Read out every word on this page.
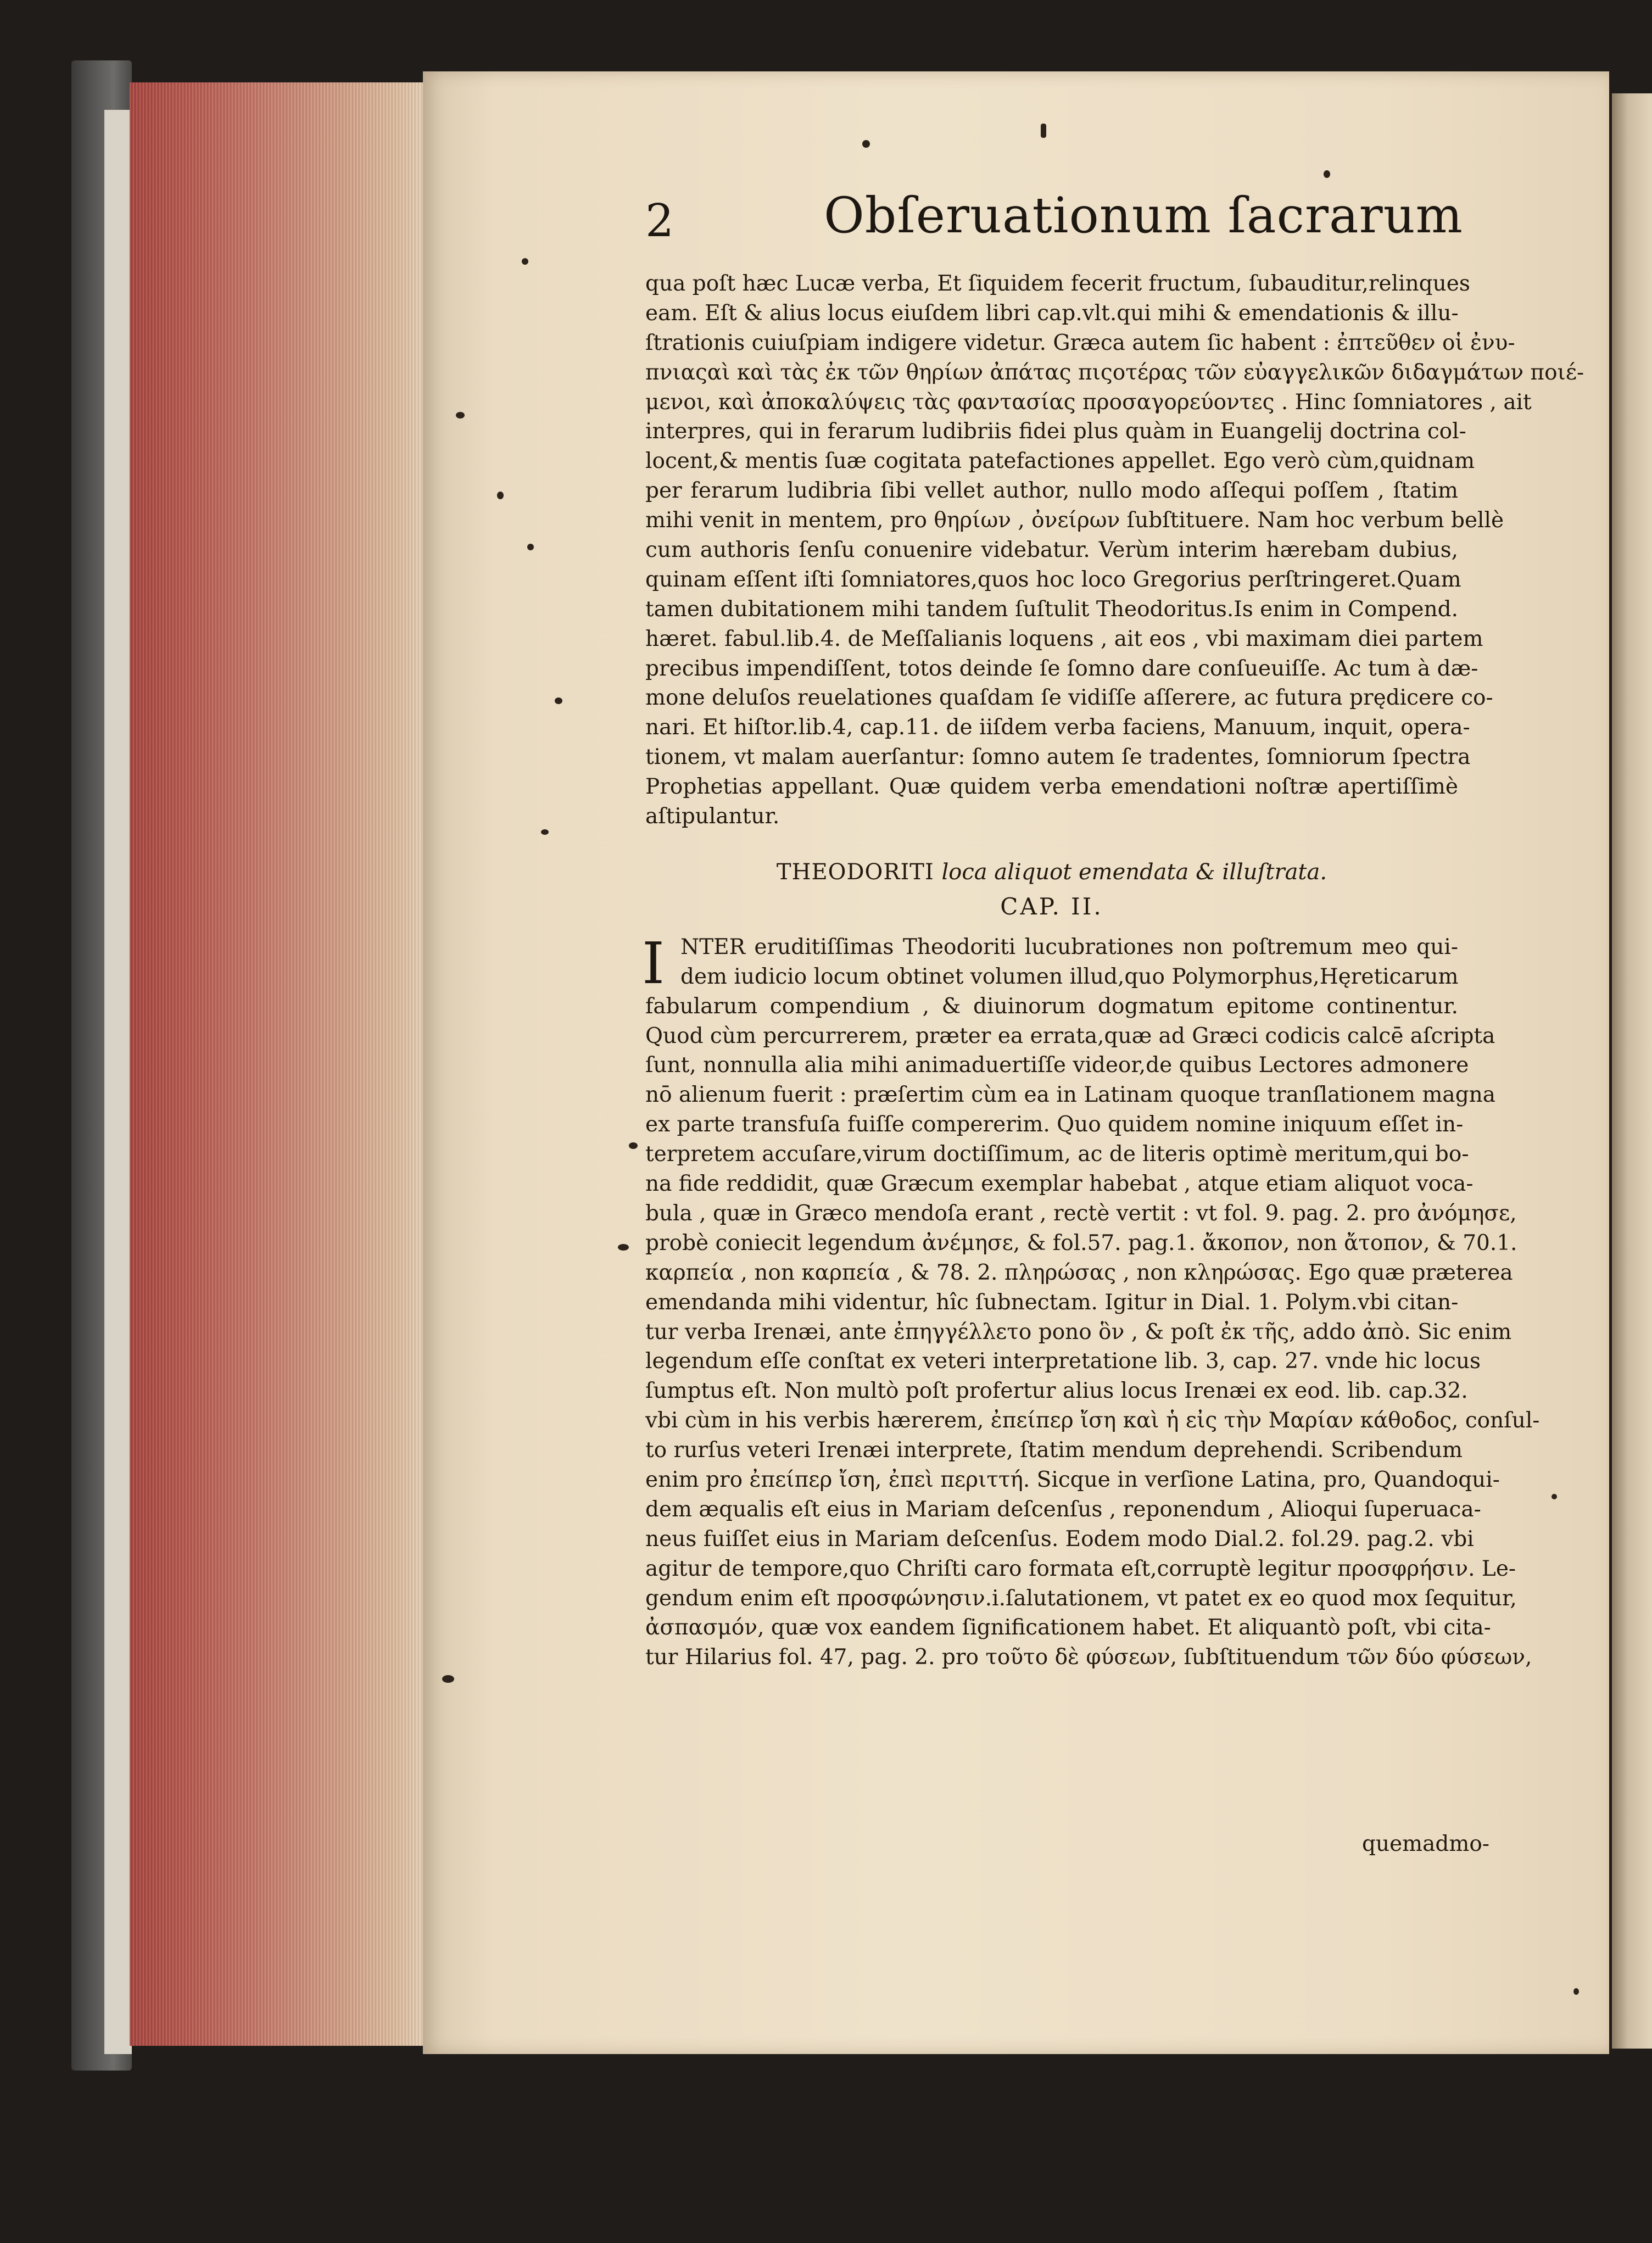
2	Obſeruationum ſacrarum
qua poſt hæc Lucæ verba, Et ſiquidem fecerit fructum, ſubauditur,relinques
eam. Eſt & alius locus eiuſdem libri cap.vlt.qui mihi & emendationis & illu-
ſtrationis cuiuſpiam indigere videtur. Græca autem ſic habent : ἐπτεῦθεν οἱ ἐνυ-
πνιαςαὶ καὶ τὰς ἐκ τῶν θηρίων ἀπάτας πιςοτέρας τῶν εὐαγγελικῶν διδαγμάτων ποιέ-
μενοι, καὶ ἀποκαλύψεις τὰς φαντασίας προσαγορεύοντες . Hinc ſomniatores , ait
interpres, qui in ferarum ludibriis fidei plus quàm in Euangelij doctrina col-
locent,& mentis ſuæ cogitata patefactiones appellet. Ego verò cùm,quidnam
per ferarum ludibria ſibi vellet author, nullo modo aſſequi poſſem , ſtatim
mihi venit in mentem, pro θηρίων , ὀνείρων ſubſtituere. Nam hoc verbum bellè
cum authoris ſenſu conuenire videbatur. Verùm interim hærebam dubius,
quinam eſſent iſti ſomniatores,quos hoc loco Gregorius perſtringeret.Quam
tamen dubitationem mihi tandem ſuſtulit Theodoritus.Is enim in Compend.
hæret. fabul.lib.4. de Meſſalianis loquens , ait eos , vbi maximam diei partem
precibus impendiſſent, totos deinde ſe ſomno dare conſueuiſſe. Ac tum à dæ-
mone deluſos reuelationes quaſdam ſe vidiſſe aſſerere, ac futura prędicere co-
nari. Et hiſtor.lib.4, cap.11. de iiſdem verba faciens, Manuum, inquit, opera-
tionem, vt malam auerſantur: ſomno autem ſe tradentes, ſomniorum ſpectra
Prophetias appellant. Quæ quidem verba emendationi noſtræ apertiſſimè
aſtipulantur.
THEODORITI loca aliquot emendata & illuſtrata.
CAP. II.
I NTER eruditiſſimas Theodoriti lucubrationes non poſtremum meo qui-
dem iudicio locum obtinet volumen illud,quo Polymorphus,Hęreticarum
fabularum compendium , & diuinorum dogmatum epitome continentur.
Quod cùm percurrerem, præter ea errata,quæ ad Græci codicis calcē aſcripta
ſunt, nonnulla alia mihi animaduertiſſe videor,de quibus Lectores admonere
nō alienum fuerit : præſertim cùm ea in Latinam quoque tranſlationem magna
ex parte transfuſa fuiſſe compererim. Quo quidem nomine iniquum eſſet in-
terpretem accuſare,virum doctiſſimum, ac de literis optimè meritum,qui bo-
na fide reddidit, quæ Græcum exemplar habebat , atque etiam aliquot voca-
bula , quæ in Græco mendoſa erant , rectè vertit : vt fol. 9. pag. 2. pro ἀνόμησε,
probè coniecit legendum ἀνέμησε, & fol.57. pag.1. ἄκοπον, non ἄτοπον, & 70.1.
καρπεία , non καρπεία , & 78. 2. πληρώσας , non κληρώσας. Ego quæ præterea
emendanda mihi videntur, hîc ſubnectam. Igitur in Dial. 1. Polym.vbi citan-
tur verba Irenæi, ante ἐπηγγέλλετο pono ὃν , & poſt ἐκ τῆς, addo ἀπὸ. Sic enim
legendum eſſe conſtat ex veteri interpretatione lib. 3, cap. 27. vnde hic locus
ſumptus eſt. Non multò poſt profertur alius locus Irenæi ex eod. lib. cap.32.
vbi cùm in his verbis hærerem, ἐπείπερ ἴση καὶ ἡ εἰς τὴν Μαρίαν κάθοδος, conſul-
to rurſus veteri Irenæi interprete, ſtatim mendum deprehendi. Scribendum
enim pro ἐπείπερ ἴση, ἐπεὶ περιττή. Sicque in verſione Latina, pro, Quandoqui-
dem æqualis eſt eius in Mariam deſcenſus , reponendum , Alioqui ſuperuaca-
neus fuiſſet eius in Mariam deſcenſus. Eodem modo Dial.2. fol.29. pag.2. vbi
agitur de tempore,quo Chriſti caro formata eſt,corruptè legitur προσφρήσιν. Le-
gendum enim eſt προσφώνησιν.i.ſalutationem, vt patet ex eo quod mox ſequitur,
ἀσπασμόν, quæ vox eandem ſignificationem habet. Et aliquantò poſt, vbi cita-
tur Hilarius fol. 47, pag. 2. pro τοῦτο δὲ φύσεων, ſubſtituendum τῶν δύο φύσεων,
quemadmo-
